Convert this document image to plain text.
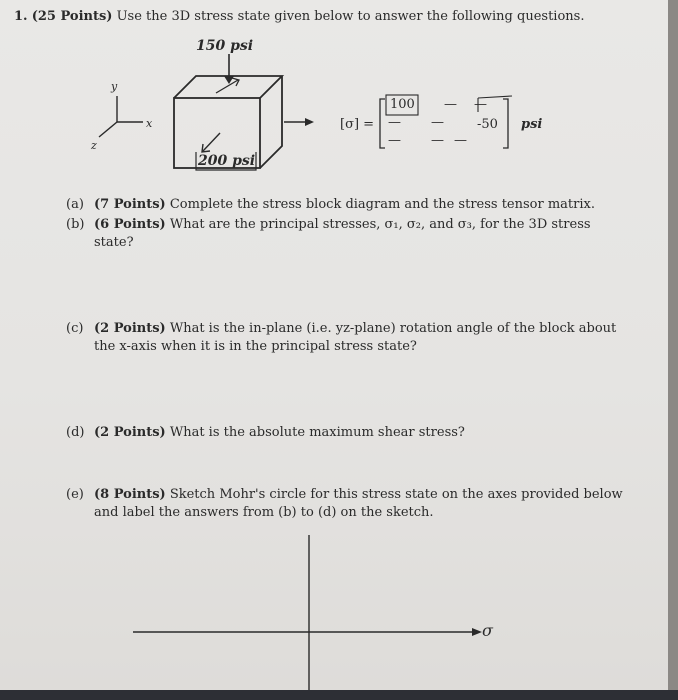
1. (25 Points) Use the 3D stress state given below to answer the following questions.
150 psi
y
x
z
200 psi
[σ] =
100 — —
— —
— — —
-50 psi
(a) (7 Points) Complete the stress block diagram and the stress tensor matrix.
(b) (6 Points) What are the principal stresses, σ₁, σ₂, and σ₃, for the 3D stress
state?
(c) (2 Points) What is the in-plane (i.e. yz-plane) rotation angle of the block about
the x-axis when it is in the principal stress state?
(d) (2 Points) What is the absolute maximum shear stress?
(e) (8 Points) Sketch Mohr's circle for this stress state on the axes provided below
and label the answers from (b) to (d) on the sketch.
σ
